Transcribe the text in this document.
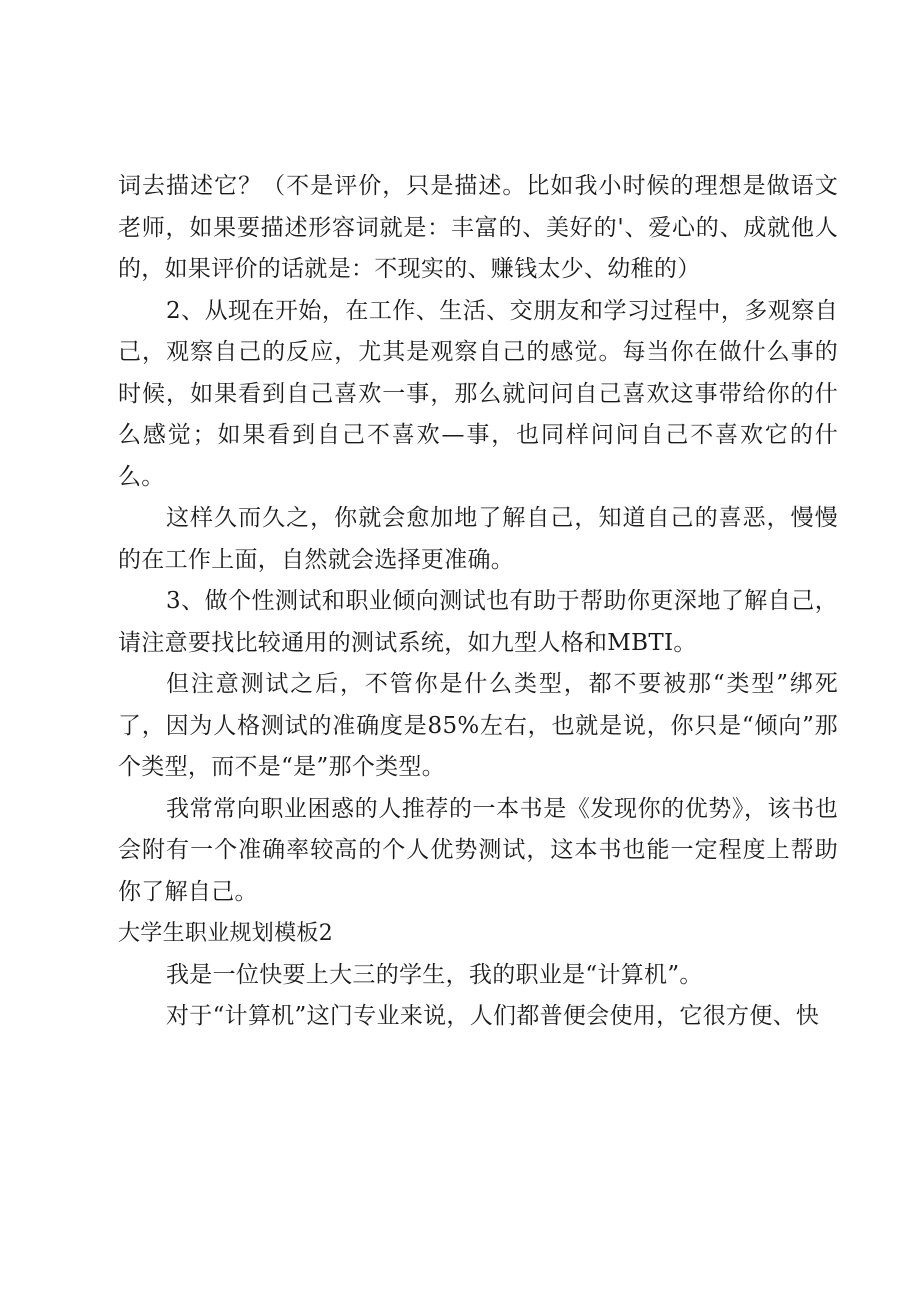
词去描述它？（不是评价，只是描述。比如我小时候的理想是做语文老师，如果要描述形容词就是：丰富的、美好的'、爱心的、成就他人的，如果评价的话就是：不现实的、赚钱太少、幼稚的）

2、从现在开始，在工作、生活、交朋友和学习过程中，多观察自己，观察自己的反应，尤其是观察自己的感觉。每当你在做什么事的时候，如果看到自己喜欢一事，那么就问问自己喜欢这事带给你的什么感觉；如果看到自己不喜欢—事，也同样问问自己不喜欢它的什么。

这样久而久之，你就会愈加地了解自己，知道自己的喜恶，慢慢的在工作上面，自然就会选择更准确。

3、做个性测试和职业倾向测试也有助于帮助你更深地了解自己，请注意要找比较通用的测试系统，如九型人格和MBTI。

但注意测试之后，不管你是什么类型，都不要被那“类型”绑死了，因为人格测试的准确度是85%左右，也就是说，你只是“倾向”那个类型，而不是“是”那个类型。

我常常向职业困惑的人推荐的一本书是《发现你的优势》，该书也会附有一个准确率较高的个人优势测试，这本书也能一定程度上帮助你了解自己。

大学生职业规划模板2

我是一位快要上大三的学生，我的职业是“计算机”。

对于“计算机”这门专业来说，人们都普便会使用，它很方便、快
